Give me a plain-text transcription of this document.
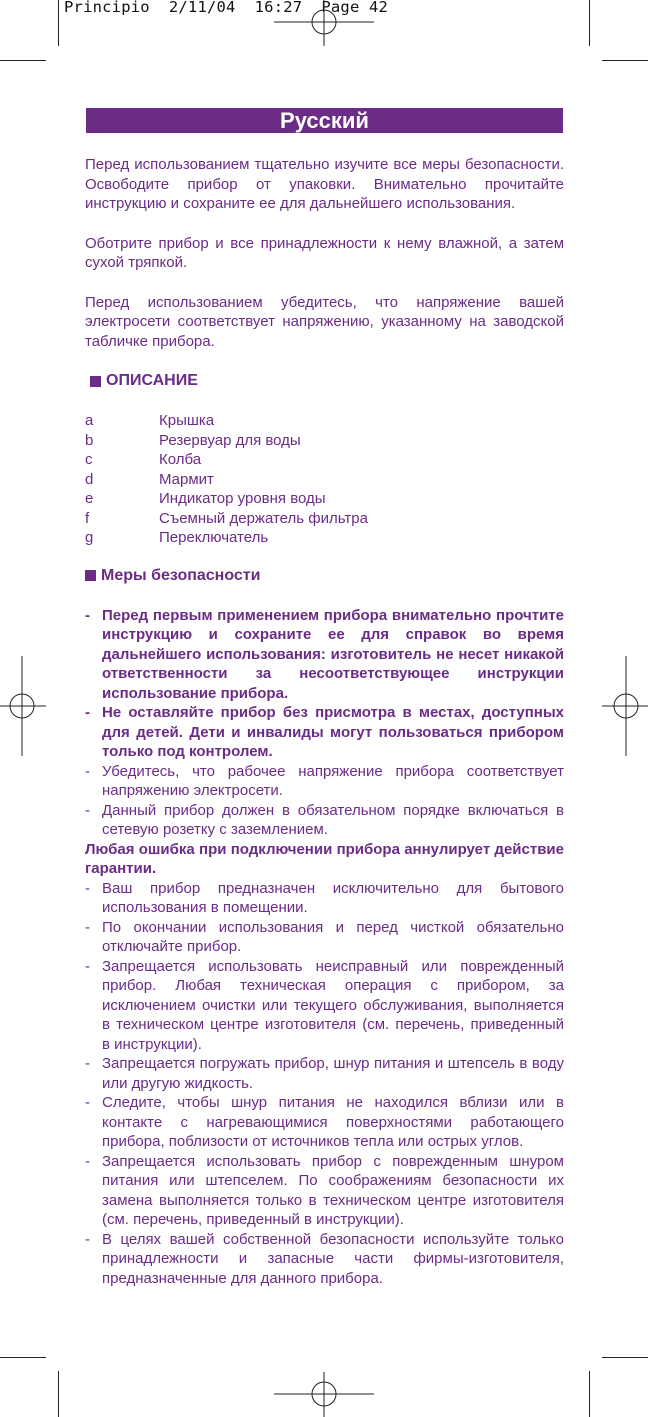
Principio  2/11/04  16:27  Page 42
Русский

Перед использованием тщательно изучите все меры безопасности. Освободите прибор от упаковки. Внимательно прочитайте инструкцию и сохраните ее для дальнейшего использования.

Оботрите прибор и все принадлежности к нему влажной, а затем сухой тряпкой.

Перед использованием убедитесь, что напряжение вашей электросети соответствует напряжению, указанному на заводской табличке прибора.

ОПИСАНИЕ
a	Крышка
b	Резервуар для воды
c	Колба
d	Мармит
e	Индикатор уровня воды
f	Съемный держатель фильтра
g	Переключатель
Меры безопасности
- Перед первым применением прибора внимательно прочтите инструкцию и сохраните ее для справок во время дальнейшего использования: изготовитель не несет никакой ответственности за несоответствующее инструкции использование прибора.
- Не оставляйте прибор без присмотра в местах, доступных для детей. Дети и инвалиды могут пользоваться прибором только под контролем.
- Убедитесь, что рабочее напряжение прибора соответствует напряжению электросети.
- Данный прибор должен в обязательном порядке включаться в сетевую розетку с заземлением.

Любая ошибка при подключении прибора аннулирует действие гарантии.

- Ваш прибор предназначен исключительно для бытового использования в помещении.
- По окончании использования и перед чисткой обязательно отключайте прибор.
- Запрещается использовать неисправный или поврежденный прибор. Любая техническая операция с прибором, за исключением очистки или текущего обслуживания, выполняется в техническом центре изготовителя (см. перечень, приведенный в инструкции).
- Запрещается погружать прибор, шнур питания и штепсель в воду или другую жидкость.
- Следите, чтобы шнур питания не находился вблизи или в контакте с нагревающимися поверхностями работающего прибора, поблизости от источников тепла или острых углов.
- Запрещается использовать прибор с поврежденным шнуром питания или штепселем. По соображениям безопасности их замена выполняется только в техническом центре изготовителя (см. перечень, приведенный в инструкции).
- В целях вашей собственной безопасности используйте только принадлежности и запасные части фирмы-изготовителя, предназначенные для данного прибора.
